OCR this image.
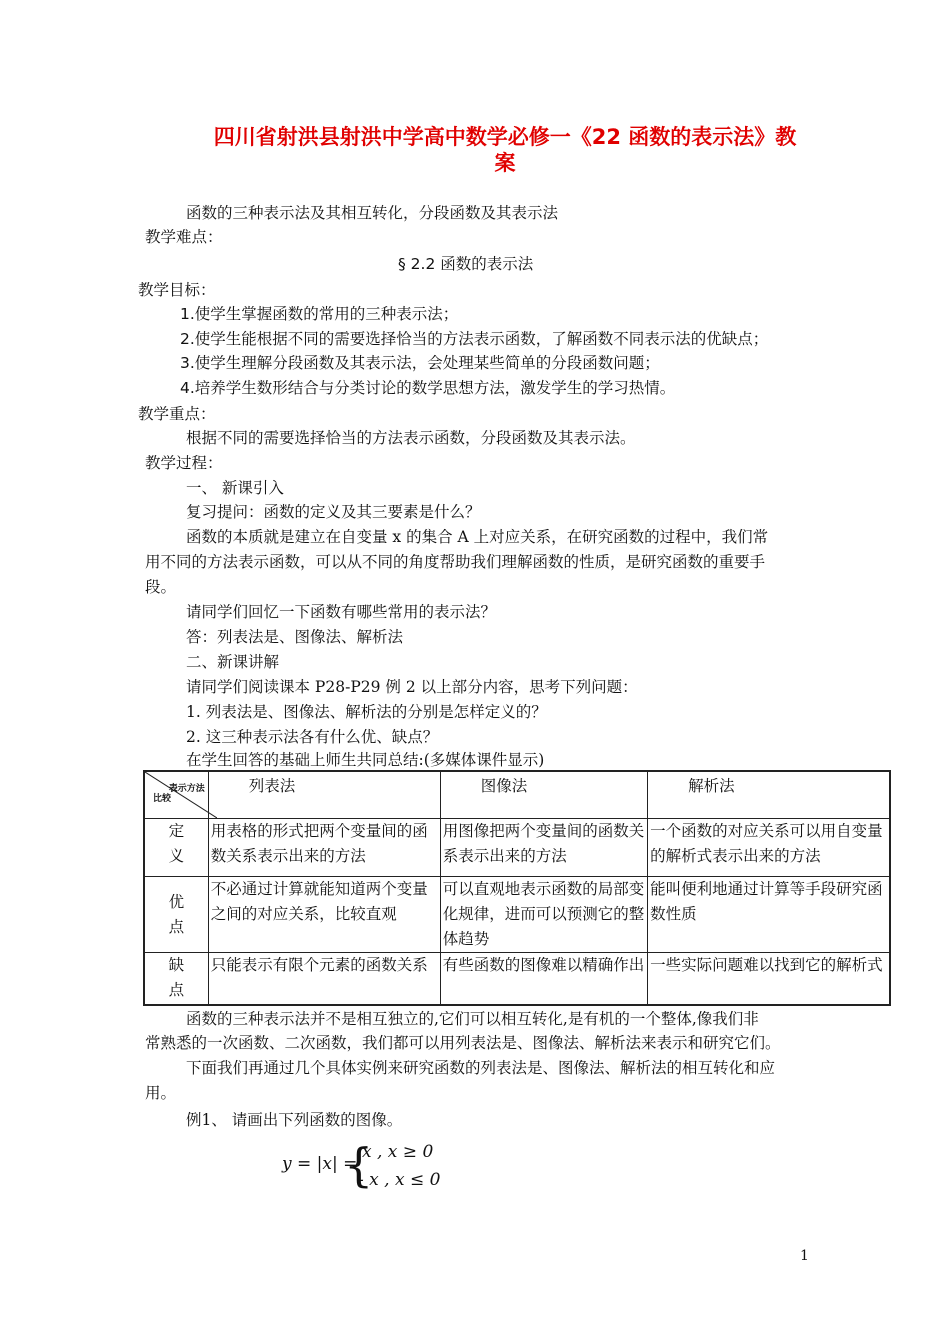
四川省射洪县射洪中学高中数学必修一《22 函数的表示法》教
案
函数的三种表示法及其相互转化，分段函数及其表示法
教学难点：
§ 2.2 函数的表示法
教学目标：
1.使学生掌握函数的常用的三种表示法；
2.使学生能根据不同的需要选择恰当的方法表示函数，了解函数不同表示法的优缺点；
3.使学生理解分段函数及其表示法，会处理某些简单的分段函数问题；
4.培养学生数形结合与分类讨论的数学思想方法，激发学生的学习热情。
教学重点：
根据不同的需要选择恰当的方法表示函数，分段函数及其表示法。
教学过程：
一、 新课引入
复习提问：函数的定义及其三要素是什么？
函数的本质就是建立在自变量 x 的集合 A 上对应关系，在研究函数的过程中，我们常
用不同的方法表示函数，可以从不同的角度帮助我们理解函数的性质，是研究函数的重要手
段。
请同学们回忆一下函数有哪些常用的表示法？
答：列表法是、图像法、解析法
二、新课讲解
请同学们阅读课本 P28-P29 例 2 以上部分内容，思考下列问题：
1. 列表法是、图像法、解析法的分别是怎样定义的？
2. 这三种表示法各有什么优、缺点？
在学生回答的基础上师生共同总结:(多媒体课件显示)
表示方法
比较	列表法	图像法	解析法

定
义	用表格的形式把两个变量间的函数关系表示出来的方法	用图像把两个变量间的函数关系表示出来的方法	一个函数的对应关系可以用自变量的解析式表示出来的方法

优
点	不必通过计算就能知道两个变量之间的对应关系，比较直观	可以直观地表示函数的局部变化规律，进而可以预测它的整体趋势	能叫便利地通过计算等手段研究函数性质

缺
点	只能表示有限个元素的函数关系	有些函数的图像难以精确作出	一些实际问题难以找到它的解析式
函数的三种表示法并不是相互独立的,它们可以相互转化,是有机的一个整体,像我们非
常熟悉的一次函数、二次函数，我们都可以用列表法是、图像法、解析法来表示和研究它们。
下面我们再通过几个具体实例来研究函数的列表法是、图像法、解析法的相互转化和应
用。
例1、 请画出下列函数的图像。
y = |x| =
{
x , x ≥ 0
- x , x ≤ 0
1
